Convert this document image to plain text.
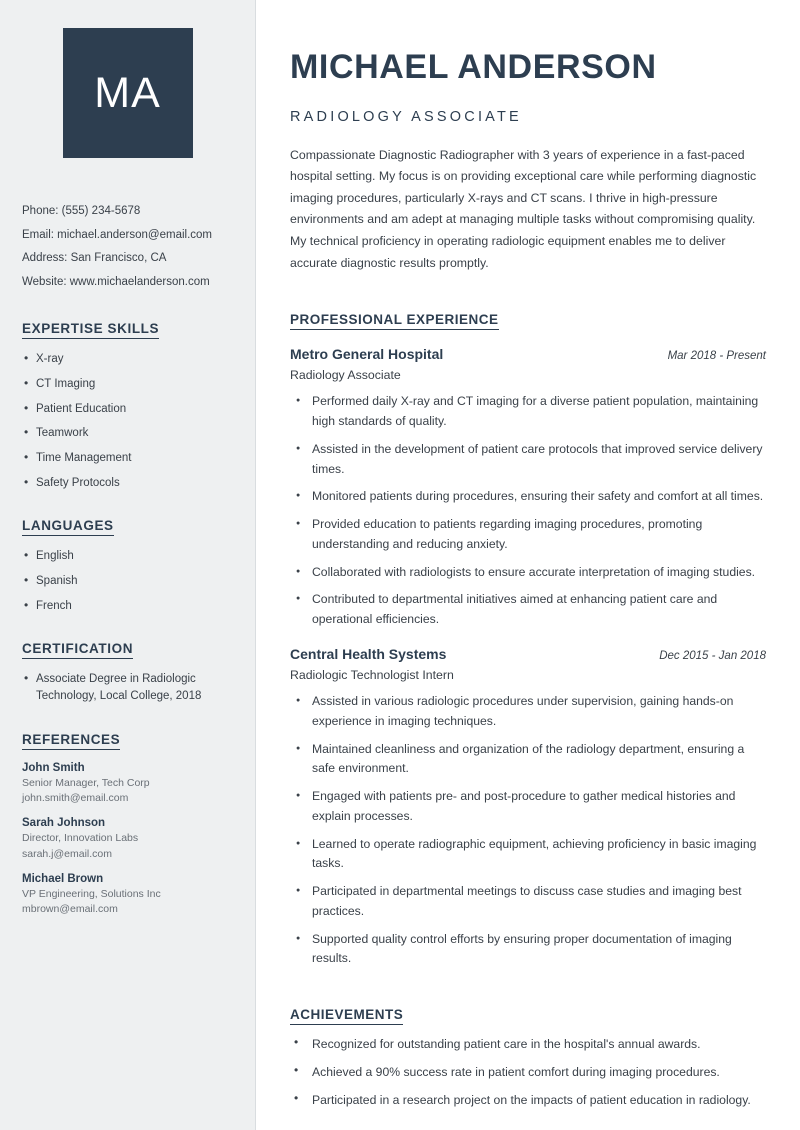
MA
Phone: (555) 234-5678
Email: michael.anderson@email.com
Address: San Francisco, CA
Website: www.michaelanderson.com
EXPERTISE SKILLS
• X-ray
• CT Imaging
• Patient Education
• Teamwork
• Time Management
• Safety Protocols
LANGUAGES
• English
• Spanish
• French
CERTIFICATION
• Associate Degree in Radiologic Technology, Local College, 2018
REFERENCES
John Smith
Senior Manager, Tech Corp
john.smith@email.com
Sarah Johnson
Director, Innovation Labs
sarah.j@email.com
Michael Brown
VP Engineering, Solutions Inc
mbrown@email.com
MICHAEL ANDERSON
RADIOLOGY ASSOCIATE

Compassionate Diagnostic Radiographer with 3 years of experience in a fast-paced hospital setting. My focus is on providing exceptional care while performing diagnostic imaging procedures, particularly X-rays and CT scans. I thrive in high-pressure environments and am adept at managing multiple tasks without compromising quality. My technical proficiency in operating radiologic equipment enables me to deliver accurate diagnostic results promptly.

PROFESSIONAL EXPERIENCE
Metro General Hospital	Mar 2018 - Present
Radiology Associate
● Performed daily X-ray and CT imaging for a diverse patient population, maintaining high standards of quality.
● Assisted in the development of patient care protocols that improved service delivery times.
● Monitored patients during procedures, ensuring their safety and comfort at all times.
● Provided education to patients regarding imaging procedures, promoting understanding and reducing anxiety.
● Collaborated with radiologists to ensure accurate interpretation of imaging studies.
● Contributed to departmental initiatives aimed at enhancing patient care and operational efficiencies.
Central Health Systems	Dec 2015 - Jan 2018
Radiologic Technologist Intern
● Assisted in various radiologic procedures under supervision, gaining hands-on experience in imaging techniques.
● Maintained cleanliness and organization of the radiology department, ensuring a safe environment.
● Engaged with patients pre- and post-procedure to gather medical histories and explain processes.
● Learned to operate radiographic equipment, achieving proficiency in basic imaging tasks.
● Participated in departmental meetings to discuss case studies and imaging best practices.
● Supported quality control efforts by ensuring proper documentation of imaging results.
ACHIEVEMENTS
• Recognized for outstanding patient care in the hospital's annual awards.
• Achieved a 90% success rate in patient comfort during imaging procedures.
• Participated in a research project on the impacts of patient education in radiology.
